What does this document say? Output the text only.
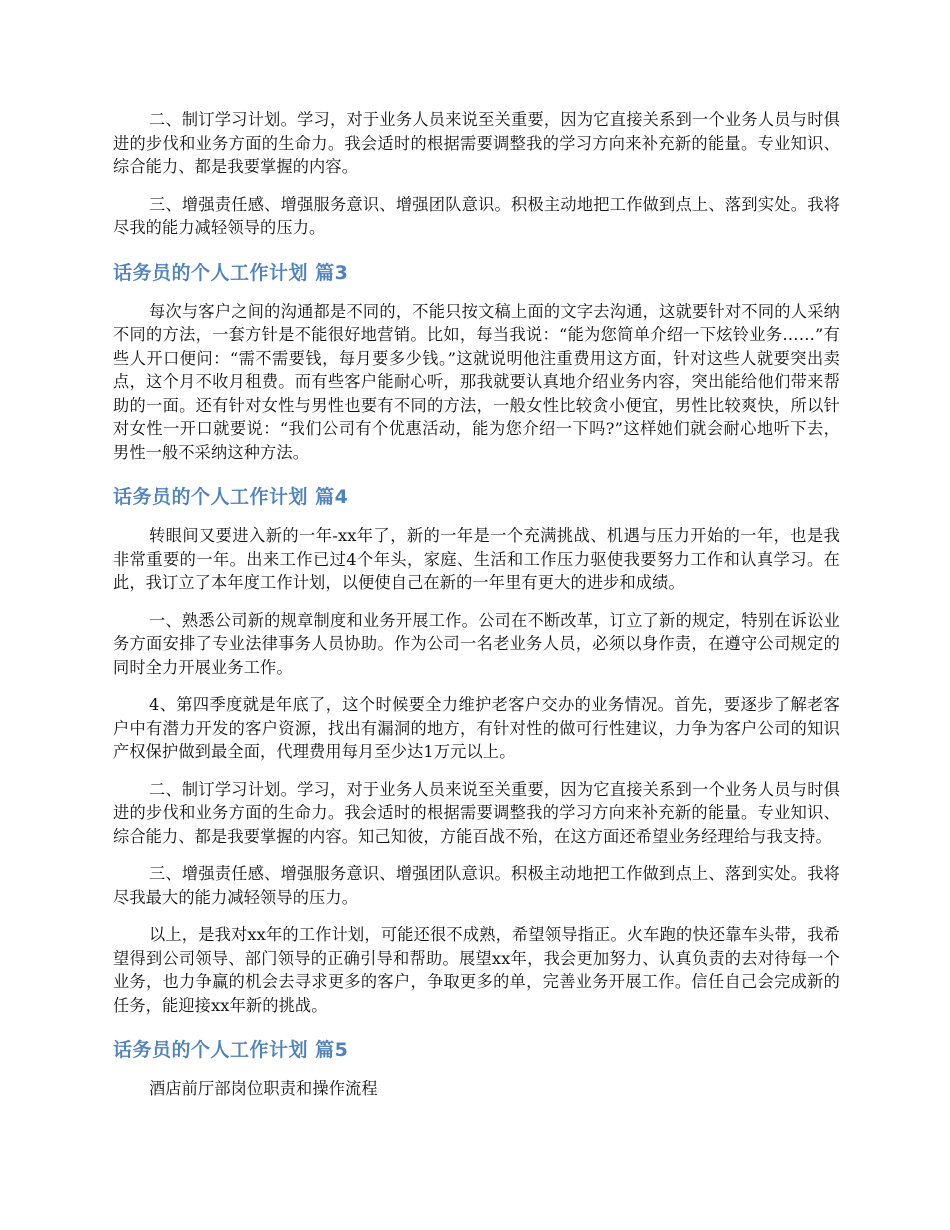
二、制订学习计划。学习，对于业务人员来说至关重要，因为它直接关系到一个业务人员与时俱进的步伐和业务方面的生命力。我会适时的根据需要调整我的学习方向来补充新的能量。专业知识、综合能力、都是我要掌握的内容。

三、增强责任感、增强服务意识、增强团队意识。积极主动地把工作做到点上、落到实处。我将尽我的能力减轻领导的压力。

话务员的个人工作计划 篇3

每次与客户之间的沟通都是不同的，不能只按文稿上面的文字去沟通，这就要针对不同的人采纳不同的方法，一套方针是不能很好地营销。比如，每当我说：“能为您简单介绍一下炫铃业务……”有些人开口便问：“需不需要钱，每月要多少钱。”这就说明他注重费用这方面，针对这些人就要突出卖点，这个月不收月租费。而有些客户能耐心听，那我就要认真地介绍业务内容，突出能给他们带来帮助的一面。还有针对女性与男性也要有不同的方法，一般女性比较贪小便宜，男性比较爽快，所以针对女性一开口就要说：“我们公司有个优惠活动，能为您介绍一下吗?”这样她们就会耐心地听下去，男性一般不采纳这种方法。

话务员的个人工作计划 篇4

转眼间又要进入新的一年-xx年了，新的一年是一个充满挑战、机遇与压力开始的一年，也是我非常重要的一年。出来工作已过4个年头，家庭、生活和工作压力驱使我要努力工作和认真学习。在此，我订立了本年度工作计划，以便使自己在新的一年里有更大的进步和成绩。

一、熟悉公司新的规章制度和业务开展工作。公司在不断改革，订立了新的规定，特别在诉讼业务方面安排了专业法律事务人员协助。作为公司一名老业务人员，必须以身作责，在遵守公司规定的同时全力开展业务工作。

4、第四季度就是年底了，这个时候要全力维护老客户交办的业务情况。首先，要逐步了解老客户中有潜力开发的客户资源，找出有漏洞的地方，有针对性的做可行性建议，力争为客户公司的知识产权保护做到最全面，代理费用每月至少达1万元以上。

二、制订学习计划。学习，对于业务人员来说至关重要，因为它直接关系到一个业务人员与时俱进的步伐和业务方面的生命力。我会适时的根据需要调整我的学习方向来补充新的能量。专业知识、综合能力、都是我要掌握的内容。知己知彼，方能百战不殆，在这方面还希望业务经理给与我支持。

三、增强责任感、增强服务意识、增强团队意识。积极主动地把工作做到点上、落到实处。我将尽我最大的能力减轻领导的压力。

以上，是我对xx年的工作计划，可能还很不成熟，希望领导指正。火车跑的快还靠车头带，我希望得到公司领导、部门领导的正确引导和帮助。展望xx年，我会更加努力、认真负责的去对待每一个业务，也力争赢的机会去寻求更多的客户，争取更多的单，完善业务开展工作。信任自己会完成新的任务，能迎接xx年新的挑战。

话务员的个人工作计划 篇5

酒店前厅部岗位职责和操作流程
